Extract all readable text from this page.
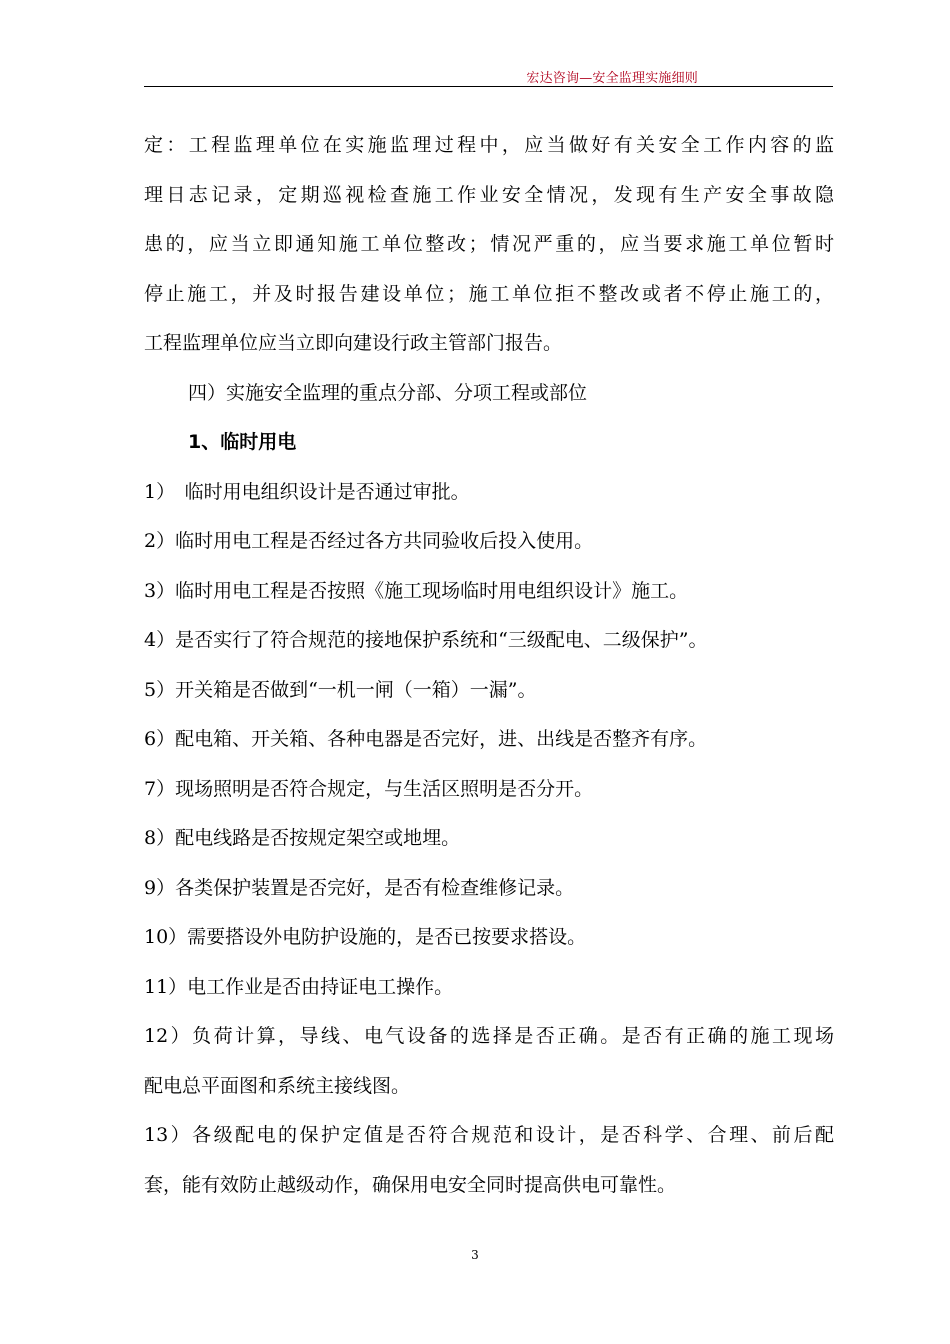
宏达咨询—安全监理实施细则
定：工程监理单位在实施监理过程中，应当做好有关安全工作内容的监
理日志记录，定期巡视检查施工作业安全情况，发现有生产安全事故隐
患的，应当立即通知施工单位整改；情况严重的，应当要求施工单位暂时
停止施工，并及时报告建设单位；施工单位拒不整改或者不停止施工的，
工程监理单位应当立即向建设行政主管部门报告。
四）实施安全监理的重点分部、分项工程或部位
1、临时用电
1）　临时用电组织设计是否通过审批。
2）临时用电工程是否经过各方共同验收后投入使用。
3）临时用电工程是否按照《施工现场临时用电组织设计》施工。
4）是否实行了符合规范的接地保护系统和“三级配电、二级保护”。
5）开关箱是否做到“一机一闸（一箱）一漏”。
6）配电箱、开关箱、各种电器是否完好，进、出线是否整齐有序。
7）现场照明是否符合规定，与生活区照明是否分开。
8）配电线路是否按规定架空或地埋。
9）各类保护装置是否完好，是否有检查维修记录。
10）需要搭设外电防护设施的，是否已按要求搭设。
11）电工作业是否由持证电工操作。
12）负荷计算，导线、电气设备的选择是否正确。是否有正确的施工现场
配电总平面图和系统主接线图。
13）各级配电的保护定值是否符合规范和设计，是否科学、合理、前后配
套，能有效防止越级动作，确保用电安全同时提高供电可靠性。
3
